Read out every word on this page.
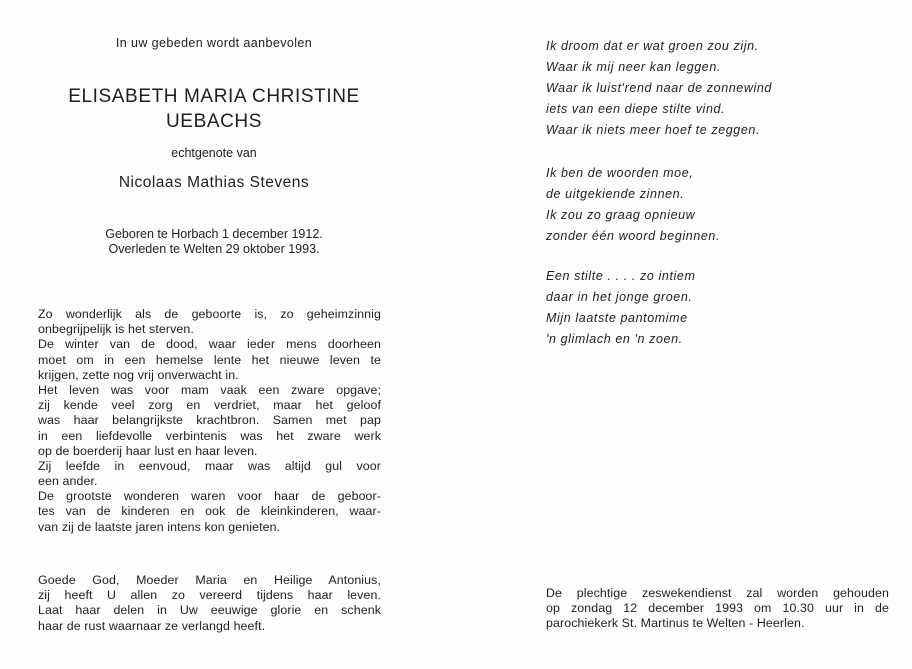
In uw gebeden wordt aanbevolen
ELISABETH MARIA CHRISTINE
UEBACHS
echtgenote van
Nicolaas Mathias Stevens
Geboren te Horbach 1 december 1912.
Overleden te Welten 29 oktober 1993.
Zo wonderlijk als de geboorte is, zo geheimzinnig
onbegrijpelijk is het sterven.
De winter van de dood, waar ieder mens doorheen
moet om in een hemelse lente het nieuwe leven te
krijgen, zette nog vrij onverwacht in.
Het leven was voor mam vaak een zware opgave;
zij kende veel zorg en verdriet, maar het geloof
was haar belangrijkste krachtbron. Samen met pap
in een liefdevolle verbintenis was het zware werk
op de boerderij haar lust en haar leven.
Zij leefde in eenvoud, maar was altijd gul voor
een ander.
De grootste wonderen waren voor haar de geboor-
tes van de kinderen en ook de kleinkinderen, waar-
van zij de laatste jaren intens kon genieten.
Goede God, Moeder Maria en Heilige Antonius,
zij heeft U allen zo vereerd tijdens haar leven.
Laat haar delen in Uw eeuwige glorie en schenk
haar de rust waarnaar ze verlangd heeft.
Ik droom dat er wat groen zou zijn.
Waar ik mij neer kan leggen.
Waar ik luist'rend naar de zonnewind
iets van een diepe stilte vind.
Waar ik niets meer hoef te zeggen.
Ik ben de woorden moe,
de uitgekiende zinnen.
Ik zou zo graag opnieuw
zonder één woord beginnen.
Een stilte . . . . zo intiem
daar in het jonge groen.
Mijn laatste pantomime
'n glimlach en 'n zoen.
De plechtige zeswekendienst zal worden gehouden
op zondag 12 december 1993 om 10.30 uur in de
parochiekerk St. Martinus te Welten - Heerlen.
